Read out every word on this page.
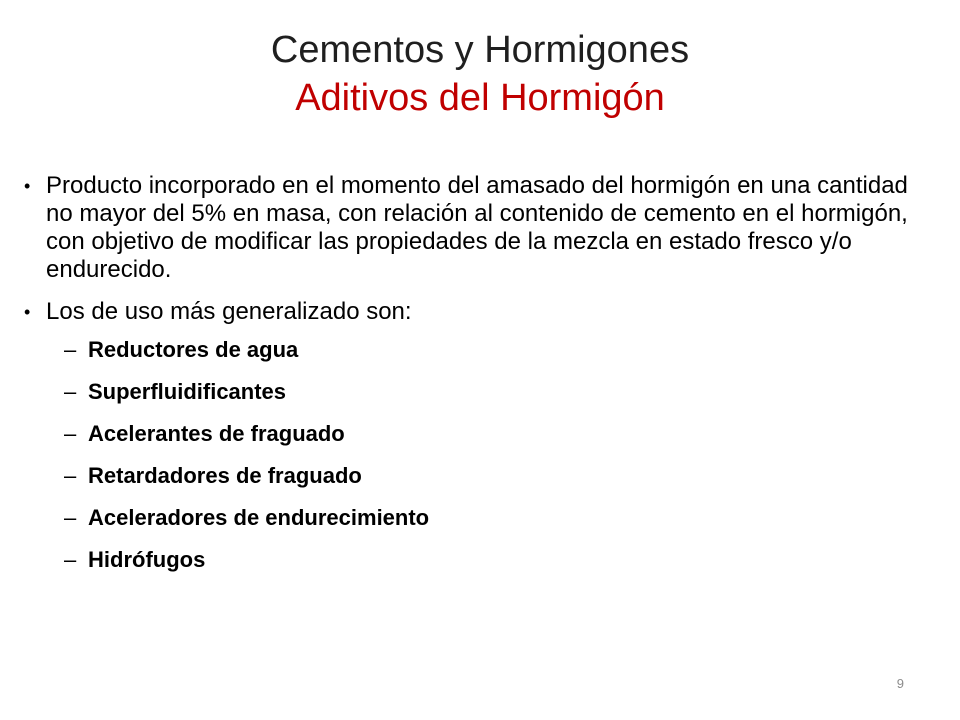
Cementos y Hormigones
Aditivos del Hormigón
• Producto incorporado en el momento del amasado del hormigón en una cantidad no mayor del 5% en masa, con relación al contenido de cemento en el hormigón, con objetivo de modificar las propiedades de la mezcla en estado fresco y/o endurecido.
• Los de uso más generalizado son:
– Reductores de agua
– Superfluidificantes
– Acelerantes de fraguado
– Retardadores de fraguado
– Aceleradores de endurecimiento
– Hidrófugos
9
